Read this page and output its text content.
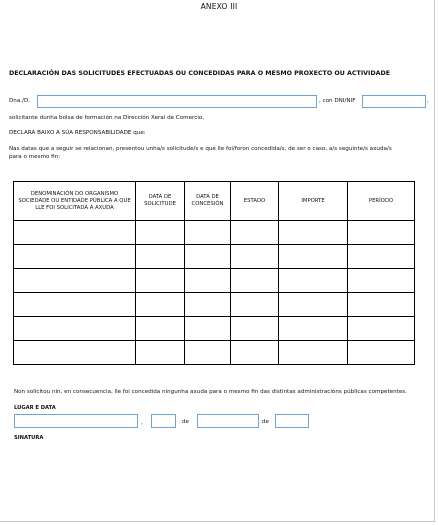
ANEXO III
DECLARACIÓN DAS SOLICITUDES EFECTUADAS OU CONCEDIDAS PARA O MESMO PROXECTO OU ACTIVIDADE
Dna./D.	, con DNI/NIF	,
solicitante dunha bolsa de formación na Dirección Xeral de Comercio,
DECLARA BAIXO A SÚA RESPONSABILIDADE que:
Nas datas que a seguir se relacionan, presentou unha/s solicitude/s e que lle foi/foron concedida/s, de ser o caso, a/s seguinte/s axuda/s para o mesmo fin:
DENOMINACIÓN DO ORGANISMO SOCIEDADE OU ENTIDADE PÚBLICA A QUE LLE FOI SOLICITADA A AXUDA	DATA DE SOLICITUDE	DATA DE CONCESIÓN	ESTADO	IMPORTE	PERÍODO

Non solicitou nin, en consecuencia, lle foi concedida ningunha axuda para o mesmo fin das distintas administracións públicas competentes.
LUGAR E DATA
,	de	de
SINATURA
